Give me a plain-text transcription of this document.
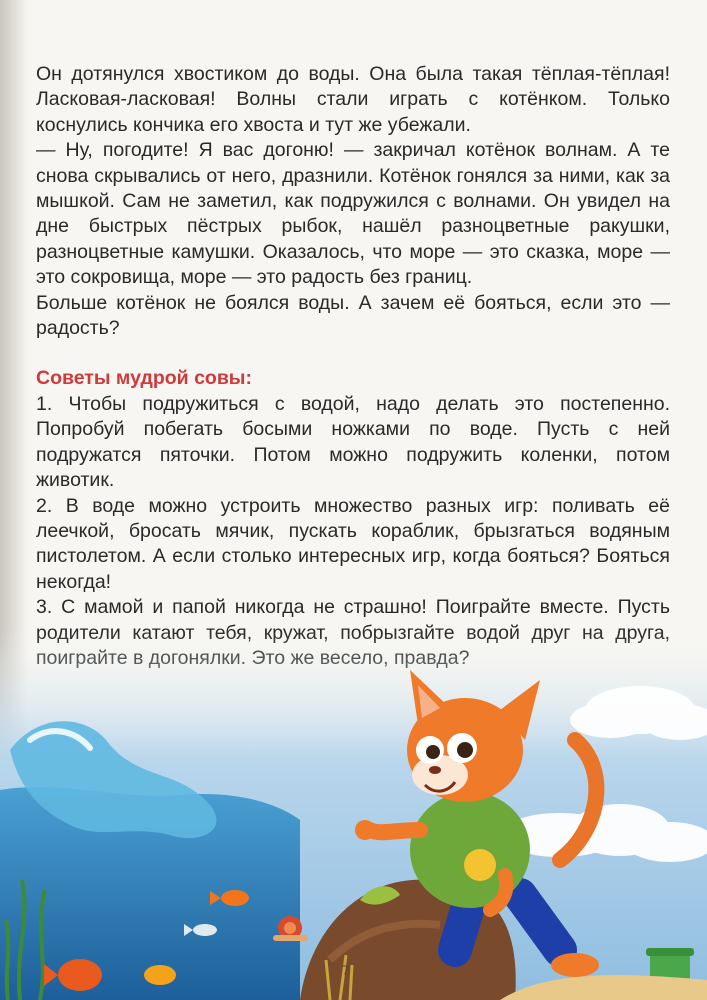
Он дотянулся хвостиком до воды. Она была такая тёплая-тёплая! Ласковая-ласковая! Волны стали играть с котёнком. Только коснулись кончика его хвоста и тут же убежали.

— Ну, погодите! Я вас догоню! — закричал котёнок волнам. А те снова скрывались от него, дразнили. Котёнок гонялся за ними, как за мышкой. Сам не заметил, как подружился с волнами. Он увидел на дне быстрых пёстрых рыбок, нашёл разноцветные ракушки, разноцветные камушки. Оказалось, что море — это сказка, море — это сокровища, море — это радость без границ.

Больше котёнок не боялся воды. А зачем её бояться, если это — радость?

Советы мудрой совы:

1. Чтобы подружиться с водой, надо делать это постепенно. Попробуй побегать босыми ножками по воде. Пусть с ней подружатся пяточки. Потом можно подружить коленки, потом животик.

2. В воде можно устроить множество разных игр: поливать её леечкой, бросать мячик, пускать кораблик, брызгаться водяным пистолетом. А если столько интересных игр, когда бояться? Бояться некогда!

3. С мамой и папой никогда не страшно! Поиграйте вместе. Пусть

7
